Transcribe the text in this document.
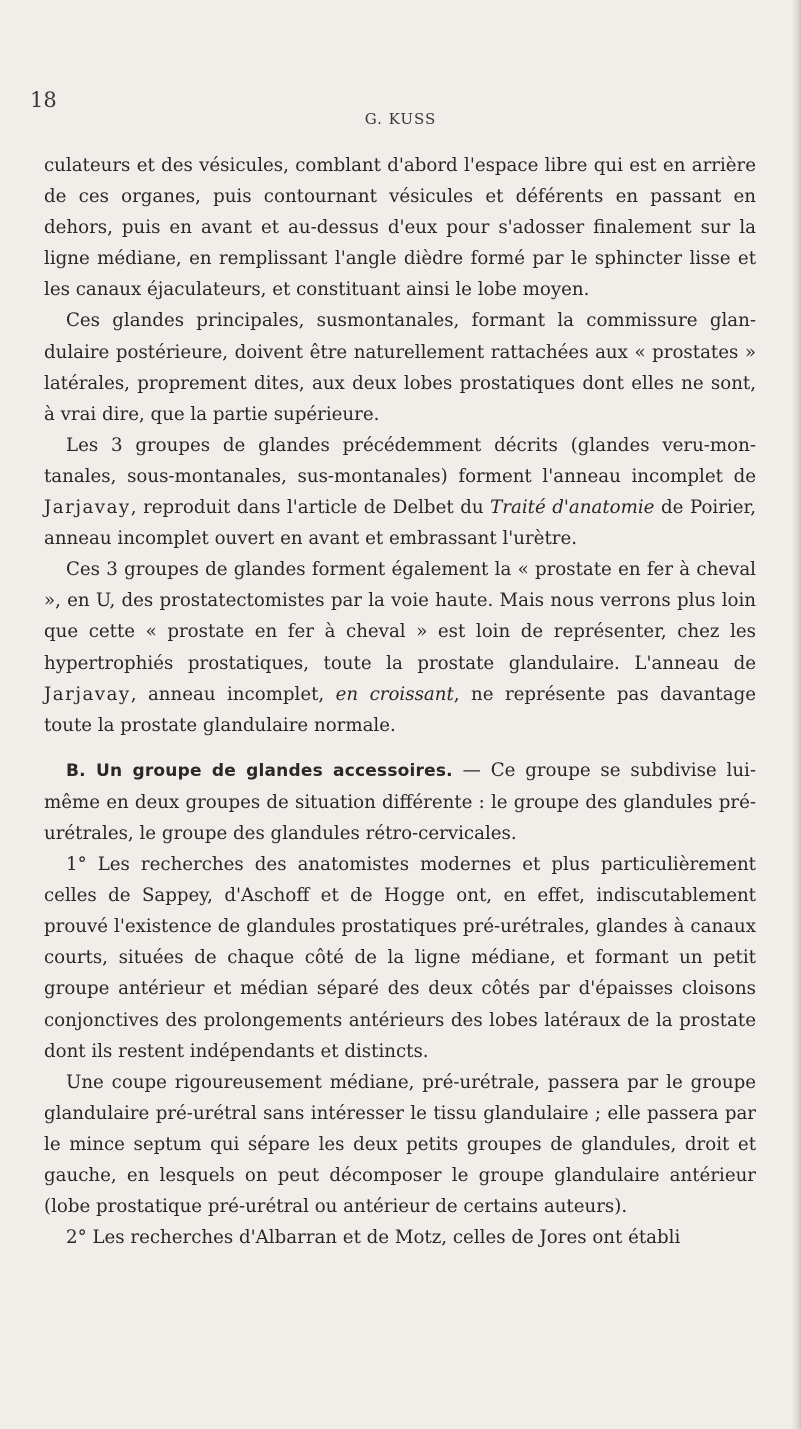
18
G. KUSS

culateurs et des vésicules, comblant d'abord l'espace libre qui est en arrière de ces organes, puis contournant vésicules et déférents en passant en dehors, puis en avant et au-dessus d'eux pour s'adosser finalement sur la ligne médiane, en remplissant l'angle dièdre formé par le sphincter lisse et les canaux éjaculateurs, et constituant ainsi le lobe moyen.

Ces glandes principales, susmontanales, formant la commissure glandulaire postérieure, doivent être naturellement rattachées aux « prostates » latérales, proprement dites, aux deux lobes prostatiques dont elles ne sont, à vrai dire, que la partie supérieure.

Les 3 groupes de glandes précédemment décrits (glandes veru-montanales, sous-montanales, sus-montanales) forment l'anneau incomplet de Jarjavay, reproduit dans l'article de Delbet du Traité d'anatomie de Poirier, anneau incomplet ouvert en avant et embrassant l'urètre.

Ces 3 groupes de glandes forment également la « prostate en fer à cheval », en U, des prostatectomistes par la voie haute. Mais nous verrons plus loin que cette « prostate en fer à cheval » est loin de représenter, chez les hypertrophiés prostatiques, toute la prostate glandulaire. L'anneau de Jarjavay, anneau incomplet, en croissant, ne représente pas davantage toute la prostate glandulaire normale.

B. Un groupe de glandes accessoires. — Ce groupe se subdivise lui-même en deux groupes de situation différente : le groupe des glandules pré-urétrales, le groupe des glandules rétro-cervicales.

1° Les recherches des anatomistes modernes et plus particulièrement celles de Sappey, d'Aschoff et de Hogge ont, en effet, indiscutablement prouvé l'existence de glandules prostatiques pré-urétrales, glandes à canaux courts, situées de chaque côté de la ligne médiane, et formant un petit groupe antérieur et médian séparé des deux côtés par d'épaisses cloisons conjonctives des prolongements antérieurs des lobes latéraux de la prostate dont ils restent indépendants et distincts.

Une coupe rigoureusement médiane, pré-urétrale, passera par le groupe glandulaire pré-urétral sans intéresser le tissu glandulaire ; elle passera par le mince septum qui sépare les deux petits groupes de glandules, droit et gauche, en lesquels on peut décomposer le groupe glandulaire antérieur (lobe prostatique pré-urétral ou antérieur de certains auteurs).

2° Les recherches d'Albarran et de Motz, celles de Jores ont établi
